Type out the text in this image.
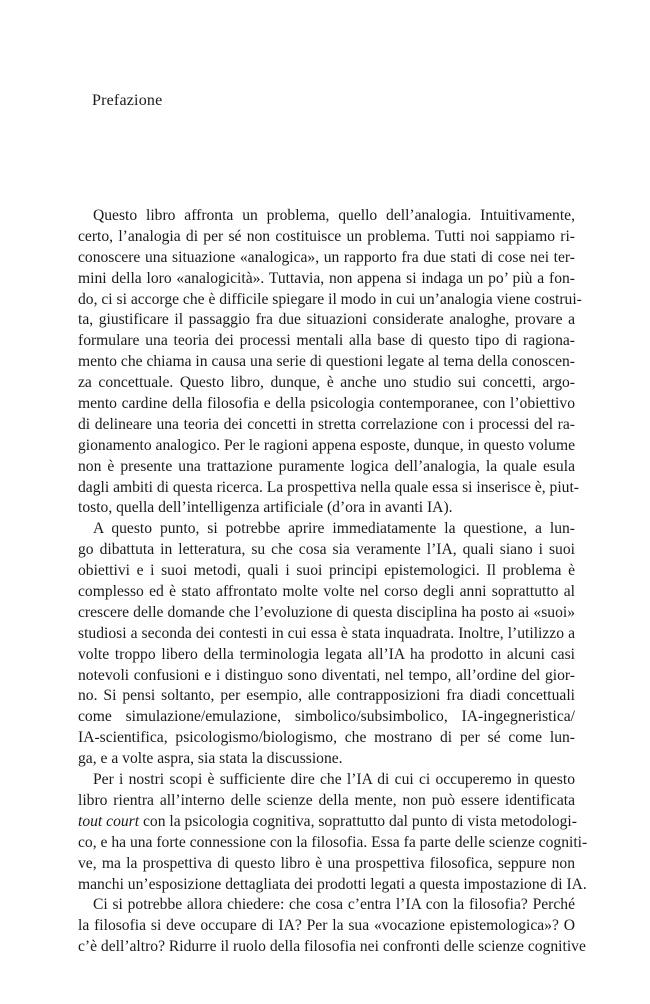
Prefazione
Questo libro affronta un problema, quello dell’analogia. Intuitivamente,
certo, l’analogia di per sé non costituisce un problema. Tutti noi sappiamo ri-
conoscere una situazione «analogica», un rapporto fra due stati di cose nei ter-
mini della loro «analogicità». Tuttavia, non appena si indaga un po’ più a fon-
do, ci si accorge che è difficile spiegare il modo in cui un’analogia viene costrui-
ta, giustificare il passaggio fra due situazioni considerate analoghe, provare a
formulare una teoria dei processi mentali alla base di questo tipo di ragiona-
mento che chiama in causa una serie di questioni legate al tema della conoscen-
za concettuale. Questo libro, dunque, è anche uno studio sui concetti, argo-
mento cardine della filosofia e della psicologia contemporanee, con l’obiettivo
di delineare una teoria dei concetti in stretta correlazione con i processi del ra-
gionamento analogico. Per le ragioni appena esposte, dunque, in questo volume
non è presente una trattazione puramente logica dell’analogia, la quale esula
dagli ambiti di questa ricerca. La prospettiva nella quale essa si inserisce è, piut-
tosto, quella dell’intelligenza artificiale (d’ora in avanti IA).
A questo punto, si potrebbe aprire immediatamente la questione, a lun-
go dibattuta in letteratura, su che cosa sia veramente l’IA, quali siano i suoi
obiettivi e i suoi metodi, quali i suoi principi epistemologici. Il problema è
complesso ed è stato affrontato molte volte nel corso degli anni soprattutto al
crescere delle domande che l’evoluzione di questa disciplina ha posto ai «suoi»
studiosi a seconda dei contesti in cui essa è stata inquadrata. Inoltre, l’utilizzo a
volte troppo libero della terminologia legata all’IA ha prodotto in alcuni casi
notevoli confusioni e i distinguo sono diventati, nel tempo, all’ordine del gior-
no. Si pensi soltanto, per esempio, alle contrapposizioni fra diadi concettuali
come simulazione/emulazione, simbolico/subsimbolico, IA-ingegneristica/
IA-scientifica, psicologismo/biologismo, che mostrano di per sé come lun-
ga, e a volte aspra, sia stata la discussione.
Per i nostri scopi è sufficiente dire che l’IA di cui ci occuperemo in questo
libro rientra all’interno delle scienze della mente, non può essere identificata
tout court con la psicologia cognitiva, soprattutto dal punto di vista metodologi-
co, e ha una forte connessione con la filosofia. Essa fa parte delle scienze cogniti-
ve, ma la prospettiva di questo libro è una prospettiva filosofica, seppure non
manchi un’esposizione dettagliata dei prodotti legati a questa impostazione di IA.
Ci si potrebbe allora chiedere: che cosa c’entra l’IA con la filosofia? Perché
la filosofia si deve occupare di IA? Per la sua «vocazione epistemologica»? O
c’è dell’altro? Ridurre il ruolo della filosofia nei confronti delle scienze cognitive
